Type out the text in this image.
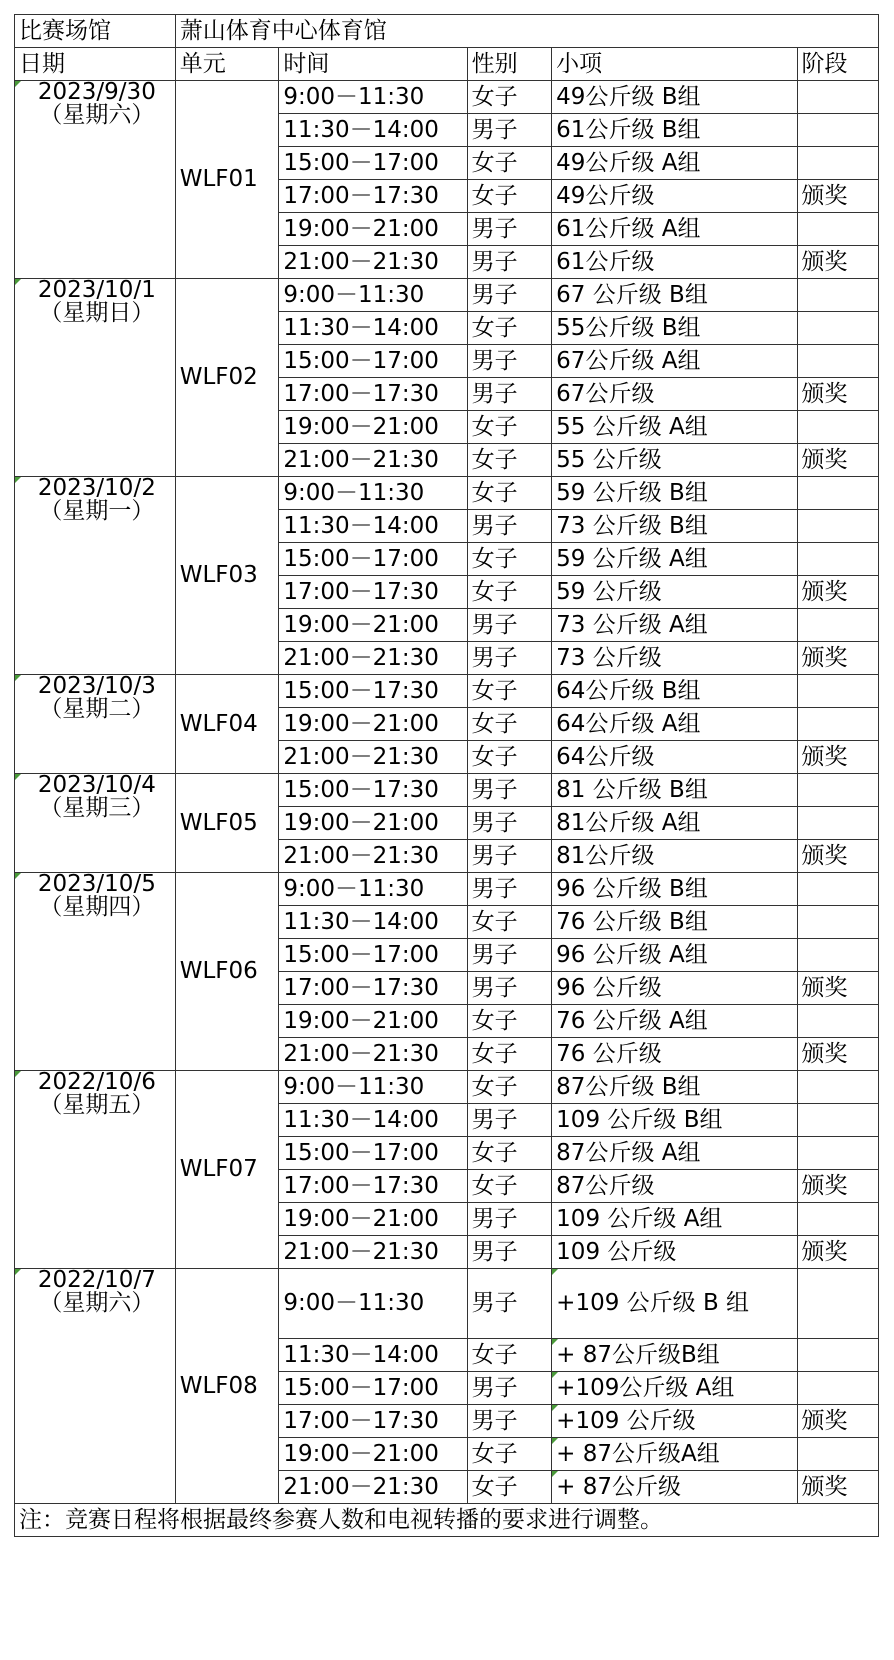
比赛场馆	萧山体育中心体育馆				
日期	单元	时间	性别	小项	阶段

2023/9/30
（星期六）	WLF01	9:00－11:30	女子	49公斤级 B组	
		11:30－14:00	男子	61公斤级 B组	
		15:00－17:00	女子	49公斤级 A组	
		17:00－17:30	女子	49公斤级	颁奖
		19:00－21:00	男子	61公斤级 A组	
		21:00－21:30	男子	61公斤级	颁奖

2023/10/1
（星期日）	WLF02	9:00－11:30	男子	67 公斤级 B组	
		11:30－14:00	女子	55公斤级 B组	
		15:00－17:00	男子	67公斤级 A组	
		17:00－17:30	男子	67公斤级	颁奖
		19:00－21:00	女子	55 公斤级 A组	
		21:00－21:30	女子	55 公斤级	颁奖

2023/10/2
（星期一）	WLF03	9:00－11:30	女子	59 公斤级 B组	
		11:30－14:00	男子	73 公斤级 B组	
		15:00－17:00	女子	59 公斤级 A组	
		17:00－17:30	女子	59 公斤级	颁奖
		19:00－21:00	男子	73 公斤级 A组	
		21:00－21:30	男子	73 公斤级	颁奖

2023/10/3
（星期二）	WLF04	15:00－17:30	女子	64公斤级 B组	
		19:00－21:00	女子	64公斤级 A组	
		21:00－21:30	女子	64公斤级	颁奖

2023/10/4
（星期三）	WLF05	15:00－17:30	男子	81 公斤级 B组	
		19:00－21:00	男子	81公斤级 A组	
		21:00－21:30	男子	81公斤级	颁奖

2023/10/5
（星期四）	WLF06	9:00－11:30	男子	96 公斤级 B组	
		11:30－14:00	女子	76 公斤级 B组	
		15:00－17:00	男子	96 公斤级 A组	
		17:00－17:30	男子	96 公斤级	颁奖
		19:00－21:00	女子	76 公斤级 A组	
		21:00－21:30	女子	76 公斤级	颁奖

2022/10/6
（星期五）	WLF07	9:00－11:30	女子	87公斤级 B组	
		11:30－14:00	男子	109 公斤级 B组	
		15:00－17:00	女子	87公斤级 A组	
		17:00－17:30	女子	87公斤级	颁奖
		19:00－21:00	男子	109 公斤级 A组	
		21:00－21:30	男子	109 公斤级	颁奖

2022/10/7
（星期六）	WLF08	9:00－11:30	男子	+109 公斤级 B 组	
		11:30－14:00	女子	+ 87公斤级B组	
		15:00－17:00	男子	+109公斤级 A组	
		17:00－17:30	男子	+109 公斤级	颁奖
		19:00－21:00	女子	+ 87公斤级A组	
		21:00－21:30	女子	+ 87公斤级	颁奖
注：竞赛日程将根据最终参赛人数和电视转播的要求进行调整。					
